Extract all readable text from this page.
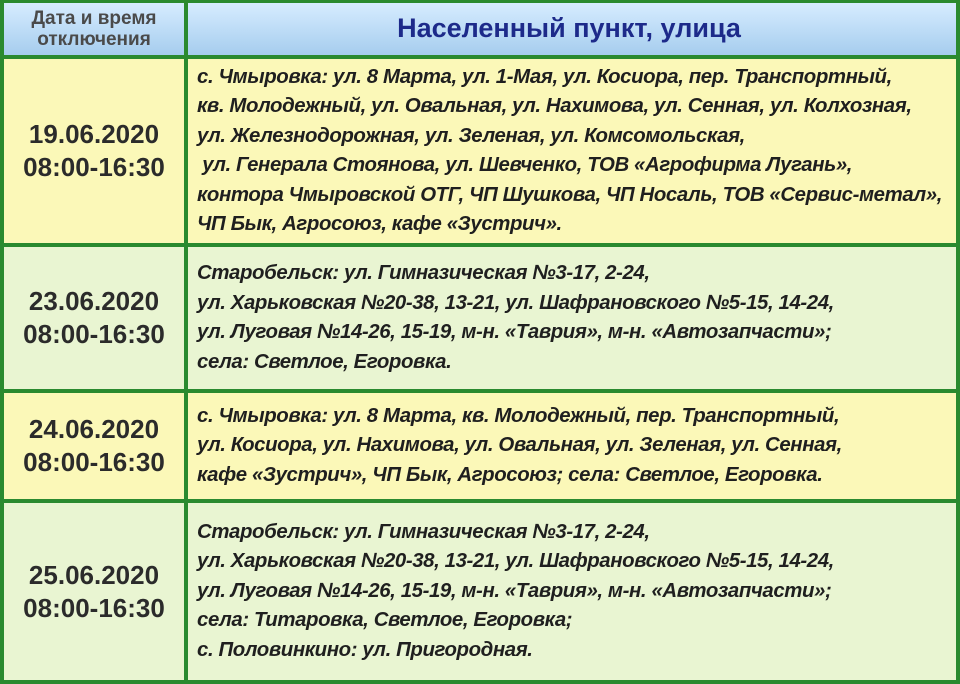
Дата и время
отключения	Населенный пункт, улица
19.06.2020
08:00-16:30
с. Чмыровка: ул. 8 Марта, ул. 1-Мая, ул. Косиора, пер. Транспортный,
кв. Молодежный, ул. Овальная, ул. Нахимова, ул. Сенная, ул. Колхозная,
ул. Железнодорожная, ул. Зеленая, ул. Комсомольская,
ул. Генерала Стоянова, ул. Шевченко, ТОВ «Агрофирма Лугань»,
контора Чмыровской ОТГ, ЧП Шушкова, ЧП Носаль, ТОВ «Сервис-метал»,
ЧП Бык, Агросоюз, кафе «Зустрич».
23.06.2020
08:00-16:30
Старобельск: ул. Гимназическая №3-17, 2-24,
ул. Харьковская №20-38, 13-21, ул. Шафрановского №5-15, 14-24,
ул. Луговая №14-26, 15-19, м-н. «Таврия», м-н. «Автозапчасти»;
села: Светлое, Егоровка.
24.06.2020
08:00-16:30
с. Чмыровка: ул. 8 Марта, кв. Молодежный, пер. Транспортный,
ул. Косиора, ул. Нахимова, ул. Овальная, ул. Зеленая, ул. Сенная,
кафе «Зустрич», ЧП Бык, Агросоюз; села: Светлое, Егоровка.
25.06.2020
08:00-16:30
Старобельск: ул. Гимназическая №3-17, 2-24,
ул. Харьковская №20-38, 13-21, ул. Шафрановского №5-15, 14-24,
ул. Луговая №14-26, 15-19, м-н. «Таврия», м-н. «Автозапчасти»;
села: Титаровка, Светлое, Егоровка;
с. Половинкино: ул. Пригородная.
